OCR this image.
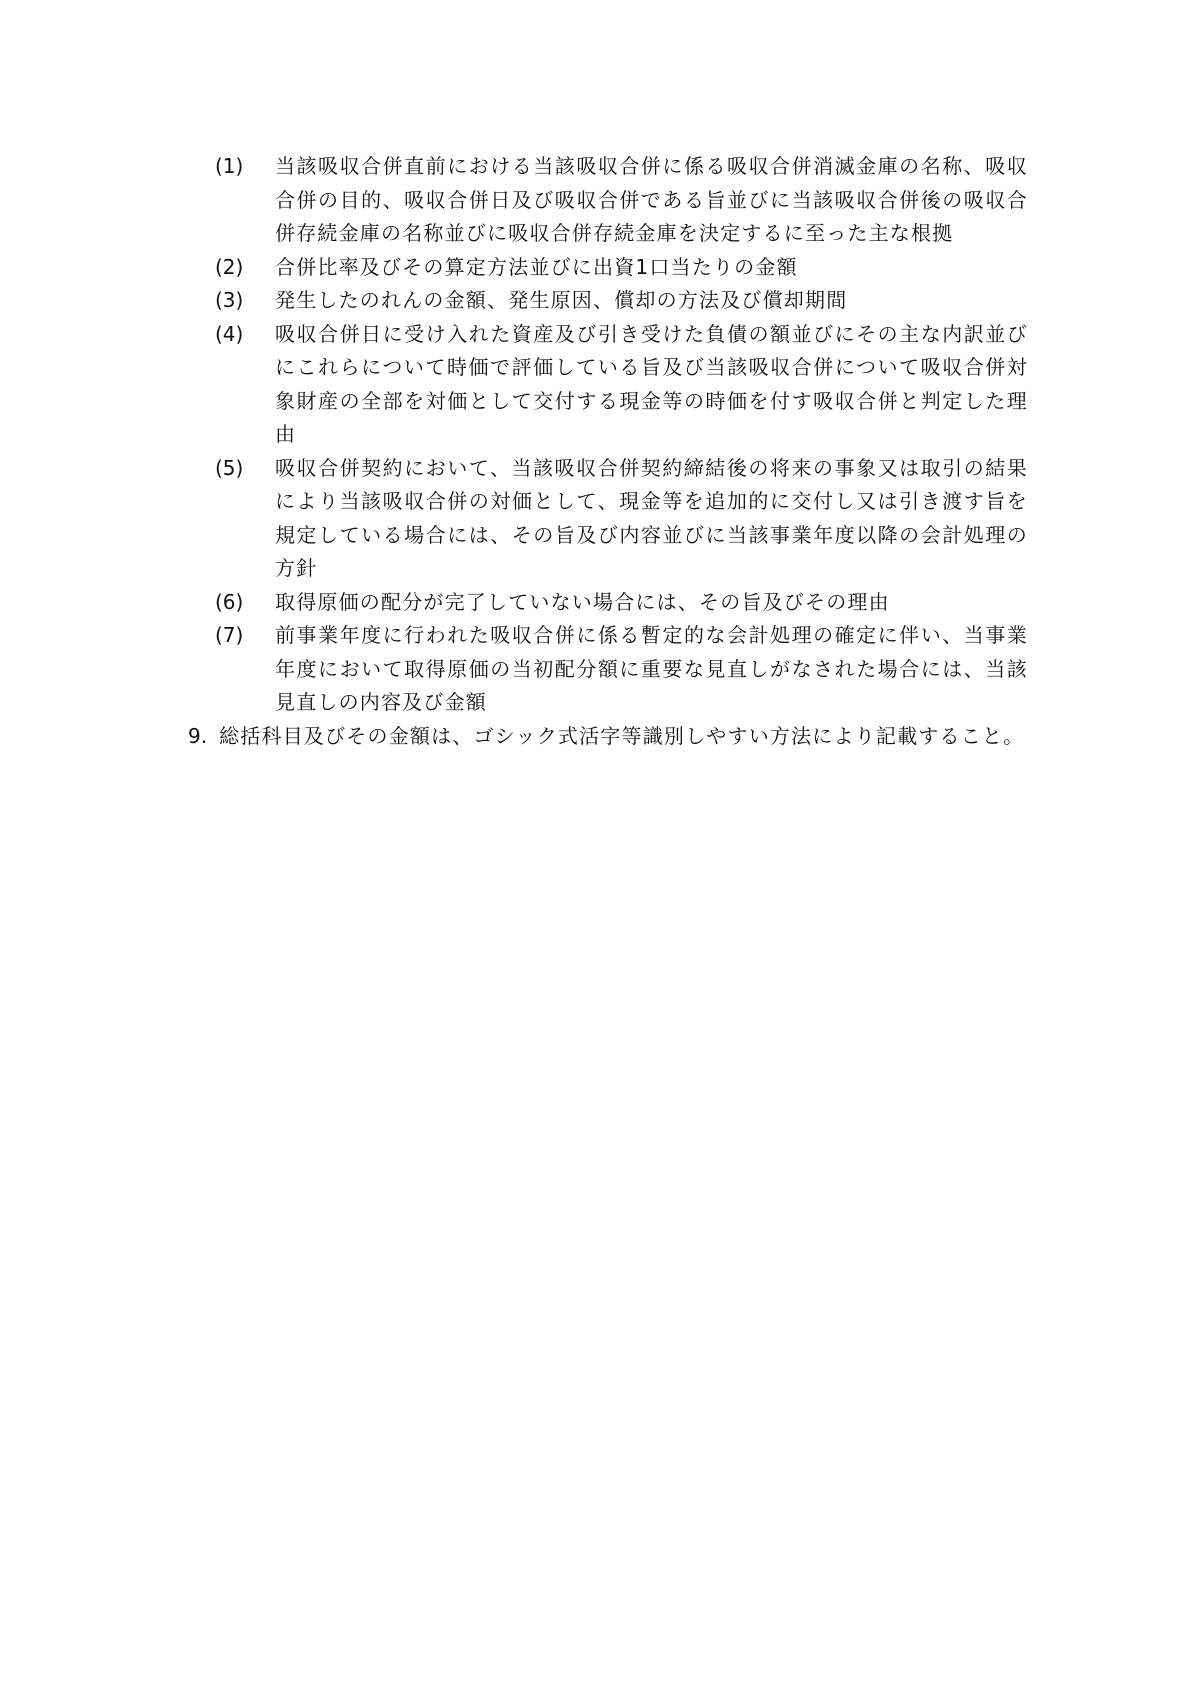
(1)	当該吸収合併直前における当該吸収合併に係る吸収合併消滅金庫の名称、吸収合併の目的、吸収合併日及び吸収合併である旨並びに当該吸収合併後の吸収合併存続金庫の名称並びに吸収合併存続金庫を決定するに至った主な根拠
(2)	合併比率及びその算定方法並びに出資1口当たりの金額
(3)	発生したのれんの金額、発生原因、償却の方法及び償却期間
(4)	吸収合併日に受け入れた資産及び引き受けた負債の額並びにその主な内訳並びにこれらについて時価で評価している旨及び当該吸収合併について吸収合併対象財産の全部を対価として交付する現金等の時価を付す吸収合併と判定した理由
(5)	吸収合併契約において、当該吸収合併契約締結後の将来の事象又は取引の結果により当該吸収合併の対価として、現金等を追加的に交付し又は引き渡す旨を規定している場合には、その旨及び内容並びに当該事業年度以降の会計処理の方針
(6)	取得原価の配分が完了していない場合には、その旨及びその理由
(7)	前事業年度に行われた吸収合併に係る暫定的な会計処理の確定に伴い、当事業年度において取得原価の当初配分額に重要な見直しがなされた場合には、当該見直しの内容及び金額
9. 総括科目及びその金額は、ゴシック式活字等識別しやすい方法により記載すること。
